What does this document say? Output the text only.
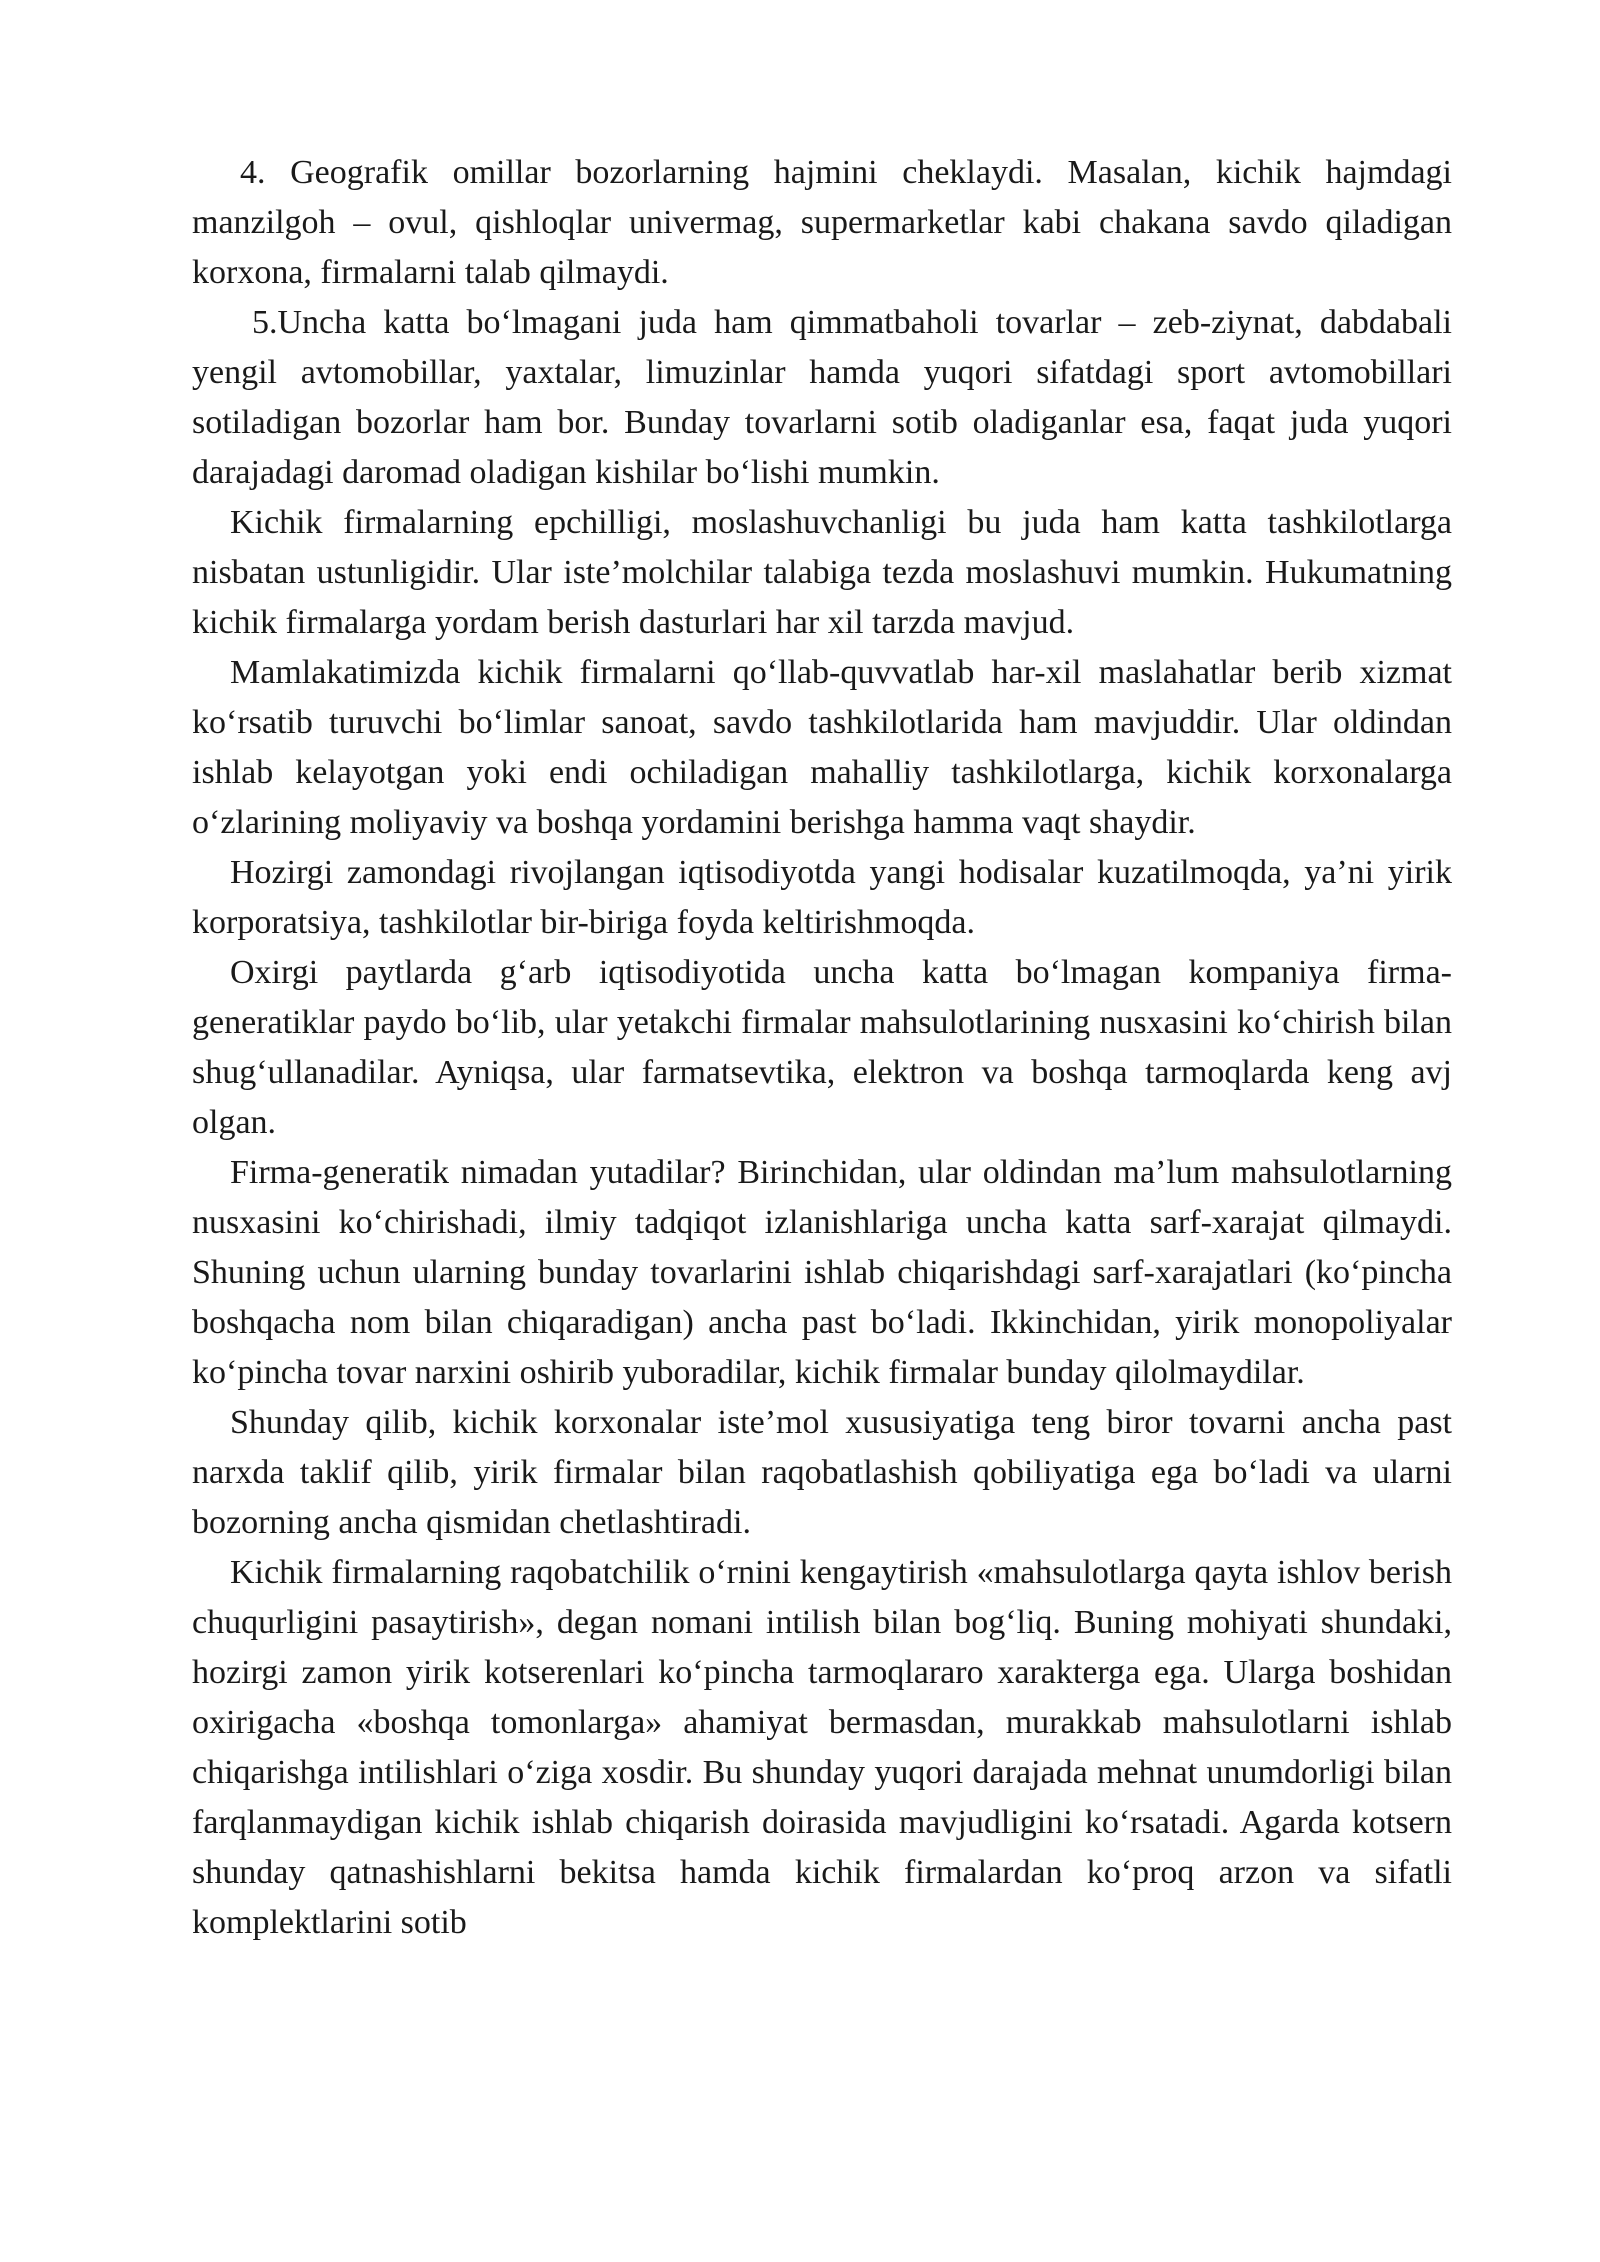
4. Geografik omillar bozorlarning hajmini cheklaydi. Masalan, kichik hajmdagi manzilgoh – ovul, qishloqlar univermag, supermarketlar kabi chakana savdo qiladigan korxona, firmalarni talab qilmaydi.

5.Uncha katta bo‘lmagani juda ham qimmatbaholi tovarlar – zeb-ziynat, dabdabali yengil avtomobillar, yaxtalar, limuzinlar hamda yuqori sifatdagi sport avtomobillari sotiladigan bozorlar ham bor. Bunday tovarlarni sotib oladiganlar esa, faqat juda yuqori darajadagi daromad oladigan kishilar bo‘lishi mumkin.

Kichik firmalarning epchilligi, moslashuvchanligi bu juda ham katta tashkilotlarga nisbatan ustunligidir. Ular iste’molchilar talabiga tezda moslashuvi mumkin. Hukumatning kichik firmalarga yordam berish dasturlari har xil tarzda mavjud.

Mamlakatimizda kichik firmalarni qo‘llab-quvvatlab har-xil maslahatlar berib xizmat ko‘rsatib turuvchi bo‘limlar sanoat, savdo tashkilotlarida ham mavjuddir. Ular oldindan ishlab kelayotgan yoki endi ochiladigan mahalliy tashkilotlarga, kichik korxonalarga o‘zlarining moliyaviy va boshqa yordamini berishga hamma vaqt shaydir.

Hozirgi zamondagi rivojlangan iqtisodiyotda yangi hodisalar kuzatilmoqda, ya’ni yirik korporatsiya, tashkilotlar bir-biriga foyda keltirishmoqda.

Oxirgi paytlarda g‘arb iqtisodiyotida uncha katta bo‘lmagan kompaniya firma-generatiklar paydo bo‘lib, ular yetakchi firmalar mahsulotlarining nusxasini ko‘chirish bilan shug‘ullanadilar. Ayniqsa, ular farmatsevtika, elektron va boshqa tarmoqlarda keng avj olgan.

Firma-generatik nimadan yutadilar? Birinchidan, ular oldindan ma’lum mahsulotlarning nusxasini ko‘chirishadi, ilmiy tadqiqot izlanishlariga uncha katta sarf-xarajat qilmaydi. Shuning uchun ularning bunday tovarlarini ishlab chiqarishdagi sarf-xarajatlari (ko‘pincha boshqacha nom bilan chiqaradigan) ancha past bo‘ladi. Ikkinchidan, yirik monopoliyalar ko‘pincha tovar narxini oshirib yuboradilar, kichik firmalar bunday qilolmaydilar.

Shunday qilib, kichik korxonalar iste’mol xususiyatiga teng biror tovarni ancha past narxda taklif qilib, yirik firmalar bilan raqobatlashish qobiliyatiga ega bo‘ladi va ularni bozorning ancha qismidan chetlashtiradi.

Kichik firmalarning raqobatchilik o‘rnini kengaytirish «mahsulotlarga qayta ishlov berish chuqurligini pasaytirish», degan nomani intilish bilan bog‘liq. Buning mohiyati shundaki, hozirgi zamon yirik kotserenlari ko‘pincha tarmoqlararo xarakterga ega. Ularga boshidan oxirigacha «boshqa tomonlarga» ahamiyat bermasdan, murakkab mahsulotlarni ishlab chiqarishga intilishlari o‘ziga xosdir. Bu shunday yuqori darajada mehnat unumdorligi bilan farqlanmaydigan kichik ishlab chiqarish doirasida mavjudligini ko‘rsatadi. Agarda kotsern shunday qatnashishlarni bekitsa hamda kichik firmalardan ko‘proq arzon va sifatli komplektlarini sotib
